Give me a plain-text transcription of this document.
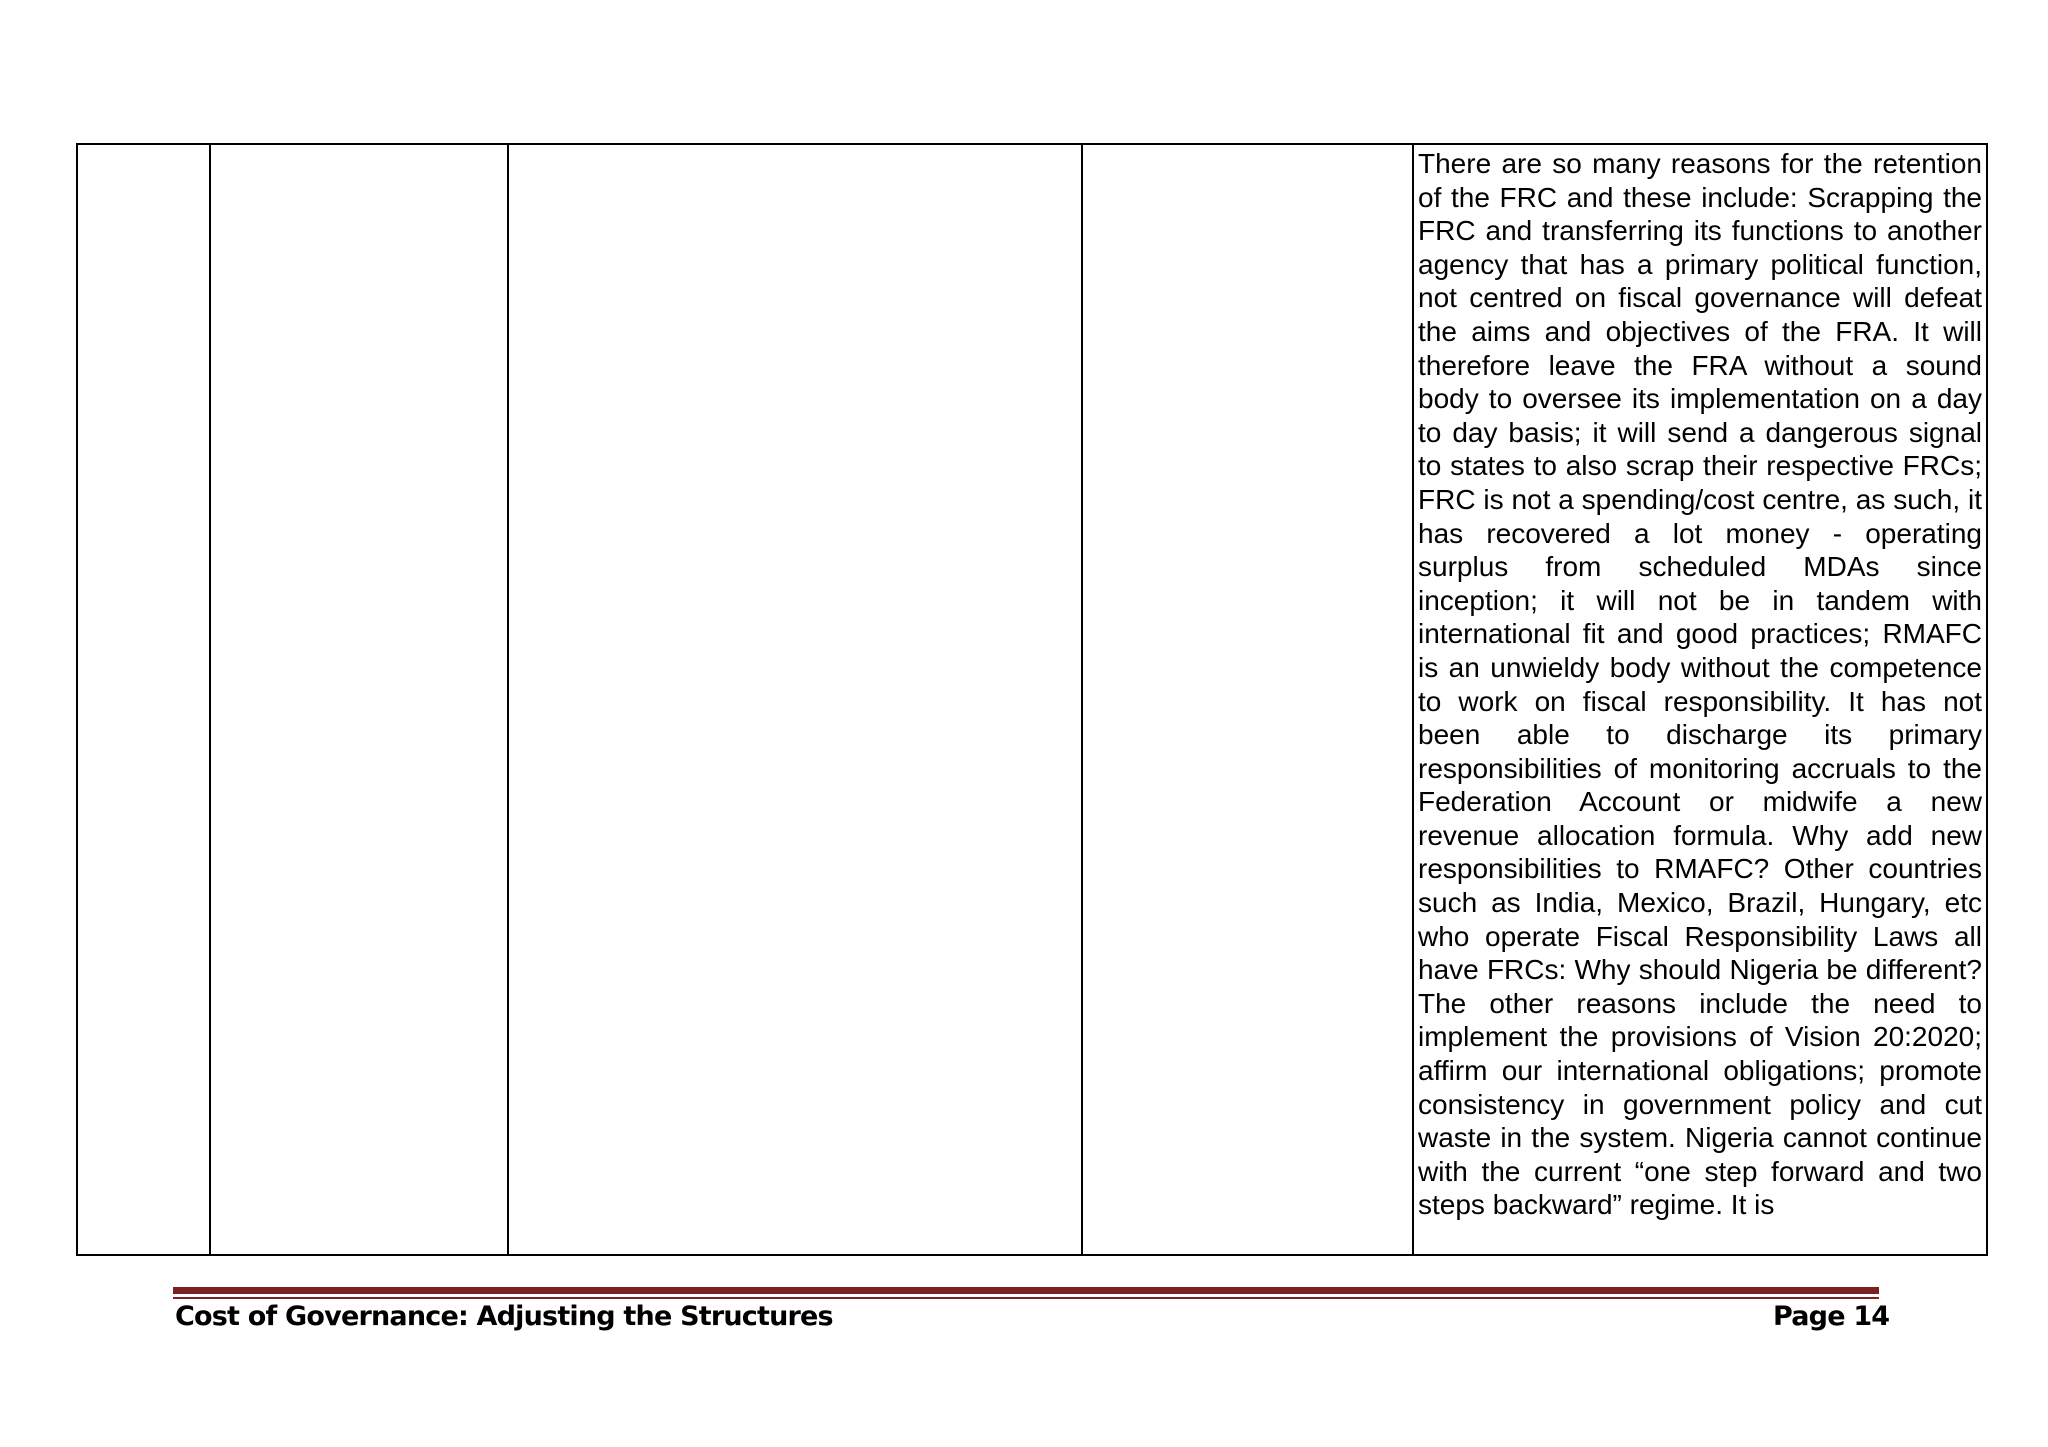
There are so many reasons for the retention of the FRC and these include: Scrapping the FRC and transferring its functions to another agency that has a primary political function, not centred on fiscal governance will defeat the aims and objectives of the FRA. It will therefore leave the FRA without a sound body to oversee its implementation on a day to day basis; it will send a dangerous signal to states to also scrap their respective FRCs; FRC is not a spending/cost centre, as such, it has recovered a lot money - operating surplus from scheduled MDAs since inception; it will not be in tandem with international fit and good practices; RMAFC is an unwieldy body without the competence to work on fiscal responsibility. It has not been able to discharge its primary responsibilities of monitoring accruals to the Federation Account or midwife a new revenue allocation formula. Why add new responsibilities to RMAFC? Other countries such as India, Mexico, Brazil, Hungary, etc who operate Fiscal Responsibility Laws all have FRCs: Why should Nigeria be different? The other reasons include the need to implement the provisions of Vision 20:2020; affirm our international obligations; promote consistency in government policy and cut waste in the system. Nigeria cannot continue with the current “one step forward and two steps backward” regime. It is

Cost of Governance: Adjusting the Structures	Page 14
